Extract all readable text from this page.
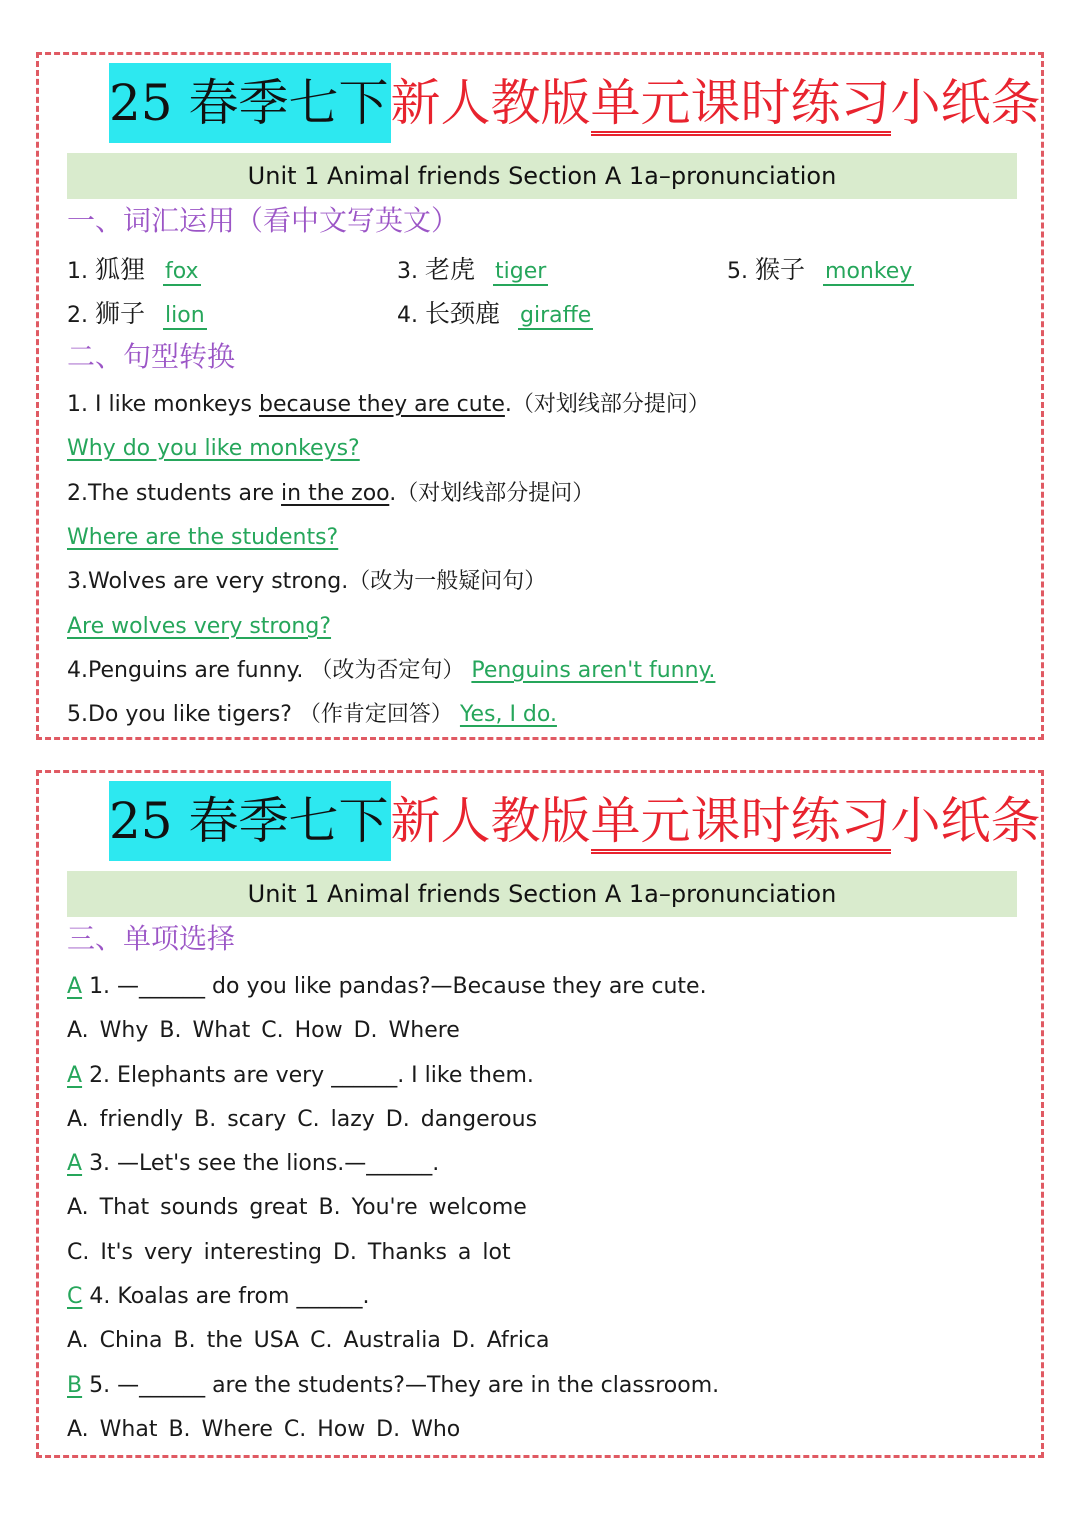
25 春季七下新人教版单元课时练习小纸条
Unit 1 Animal friends Section A 1a–pronunciation
一、词汇运用（看中文写英文）
1. 狐狸 fox	3. 老虎 tiger	5. 猴子 monkey
2. 狮子 lion	4. 长颈鹿 giraffe
二、句型转换
1. I like monkeys because they are cute.（对划线部分提问）
Why do you like monkeys?
2.The students are in the zoo.（对划线部分提问）
Where are the students?
3.Wolves are very strong.（改为一般疑问句）
Are wolves very strong?
4.Penguins are funny. （改为否定句） Penguins aren't funny.
5.Do you like tigers? （作肯定回答） Yes, I do.
25 春季七下新人教版单元课时练习小纸条
Unit 1 Animal friends Section A 1a–pronunciation
三、单项选择
A 1. —______ do you like pandas?—Because they are cute.
A. Why B. What C. How D. Where
A 2. Elephants are very ______. I like them.
A. friendly B. scary C. lazy D. dangerous
A 3. —Let's see the lions.—______.
A. That sounds great B. You're welcome
C. It's very interesting D. Thanks a lot
C 4. Koalas are from ______.
A. China B. the USA C. Australia D. Africa
B 5. —______ are the students?—They are in the classroom.
A. What B. Where C. How D. Who
